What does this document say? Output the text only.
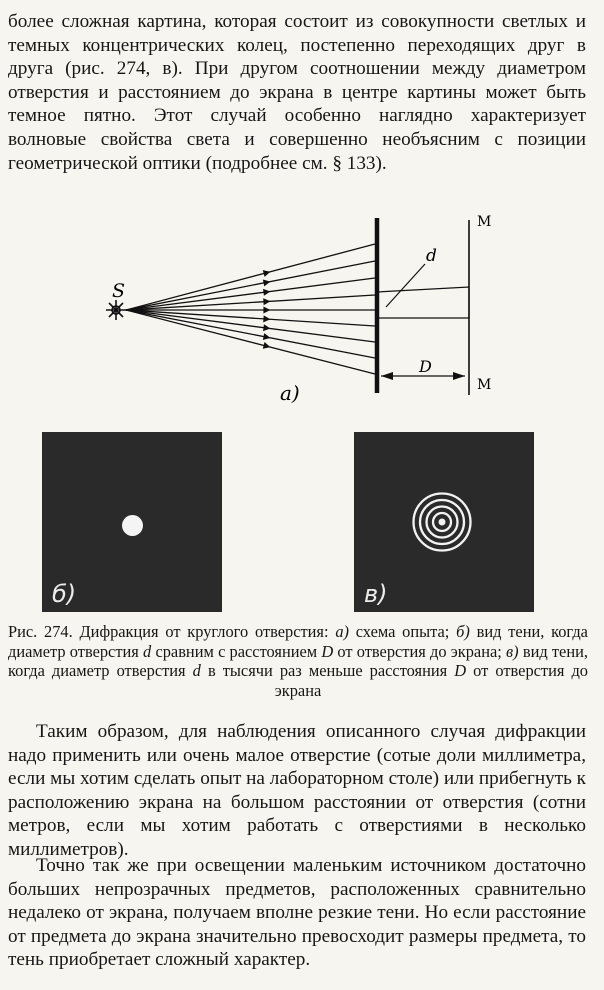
более сложная картина, которая состоит из совокупности светлых и темных концентрических колец, постепенно переходящих друг в друга (рис. 274, в). При другом соотношении между диаметром отверстия и расстоянием до экрана в центре картины может быть темное пятно. Этот случай особенно наглядно характеризует волновые свойства света и совершенно необъясним с позиции геометрической оптики (подробнее см. § 133).
S
d
D
M
M
а)
б)	в)
Рис. 274. Дифракция от круглого отверстия: а) схема опыта; б) вид тени, когда диаметр отверстия d сравним с расстоянием D от отверстия до экрана; в) вид тени, когда диаметр отверстия d в тысячи раз меньше расстояния D от отверстия до экрана
Таким образом, для наблюдения описанного случая дифракции надо применить или очень малое отверстие (сотые доли миллиметра, если мы хотим сделать опыт на лабораторном столе) или прибегнуть к расположению экрана на большом расстоянии от отверстия (сотни метров, если мы хотим работать с отверстиями в несколько миллиметров).
Точно так же при освещении маленьким источником достаточно больших непрозрачных предметов, расположенных сравнительно недалеко от экрана, получаем вполне резкие тени. Но если расстояние от предмета до экрана значительно превосходит размеры предмета, то тень приобретает сложный характер.
